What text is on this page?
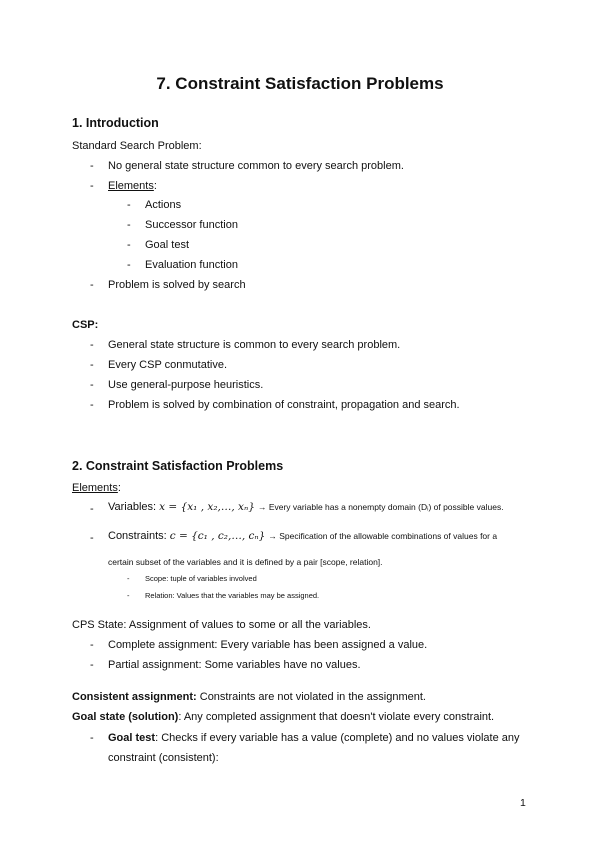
7. Constraint Satisfaction Problems
1. Introduction
Standard Search Problem:
- No general state structure common to every search problem.
- Elements:
- Actions
- Successor function
- Goal test
- Evaluation function
- Problem is solved by search
CSP:
- General state structure is common to every search problem.
- Every CSP conmutative.
- Use general-purpose heuristics.
- Problem is solved by combination of constraint, propagation and search.
2. Constraint Satisfaction Problems
Elements:
- Variables: x = {x₁ , x₂,…, xₙ} → Every variable has a nonempty domain (Dᵢ) of possible values.
- Constraints: c = {c₁ , c₂,…, cₙ} → Specification of the allowable combinations of values for a
certain subset of the variables and it is defined by a pair [scope, relation].
- Scope: tuple of variables involved
- Relation: Values that the variables may be assigned.
CPS State: Assignment of values to some or all the variables.
- Complete assignment: Every variable has been assigned a value.
- Partial assignment: Some variables have no values.
Consistent assignment: Constraints are not violated in the assignment.
Goal state (solution): Any completed assignment that doesn't violate every constraint.
- Goal test: Checks if every variable has a value (complete) and no values violate any
constraint (consistent):
1
